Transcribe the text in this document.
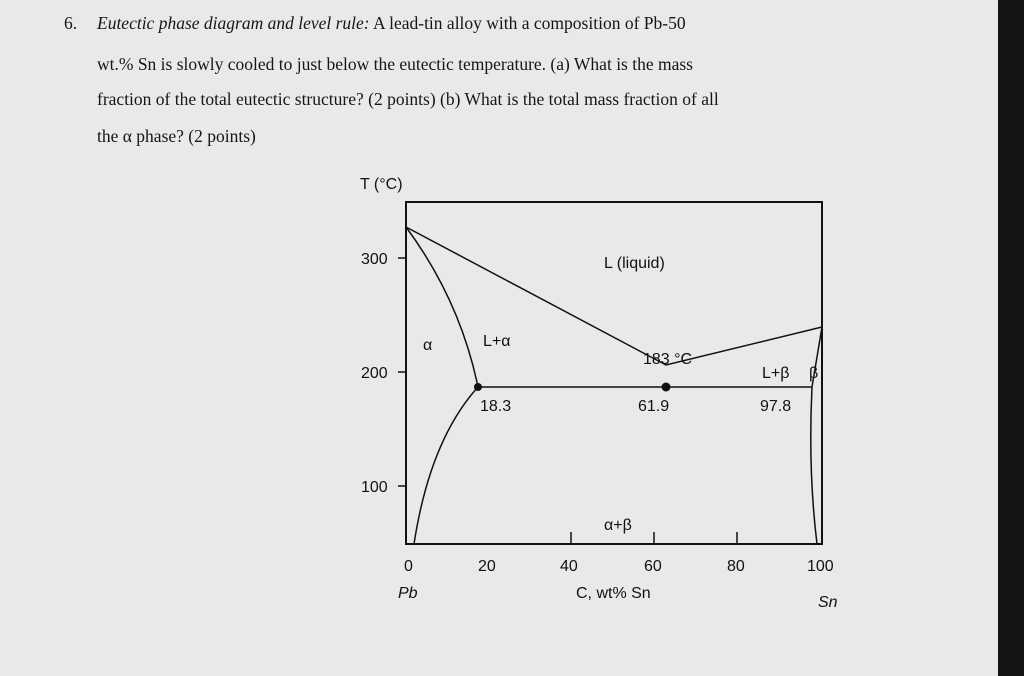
6. Eutectic phase diagram and level rule: A lead-tin alloy with a composition of Pb-50
wt.% Sn is slowly cooled to just below the eutectic temperature. (a) What is the mass
fraction of the total eutectic structure? (2 points) (b) What is the total mass fraction of all
the α phase? (2 points)
T (°C)
300
200
100
0	20	40	60	80	100
Pb	C, wt% Sn
Sn
L (liquid)
α	L+α
183 °C
L+β β
α+β
18.3	61.9	97.8
